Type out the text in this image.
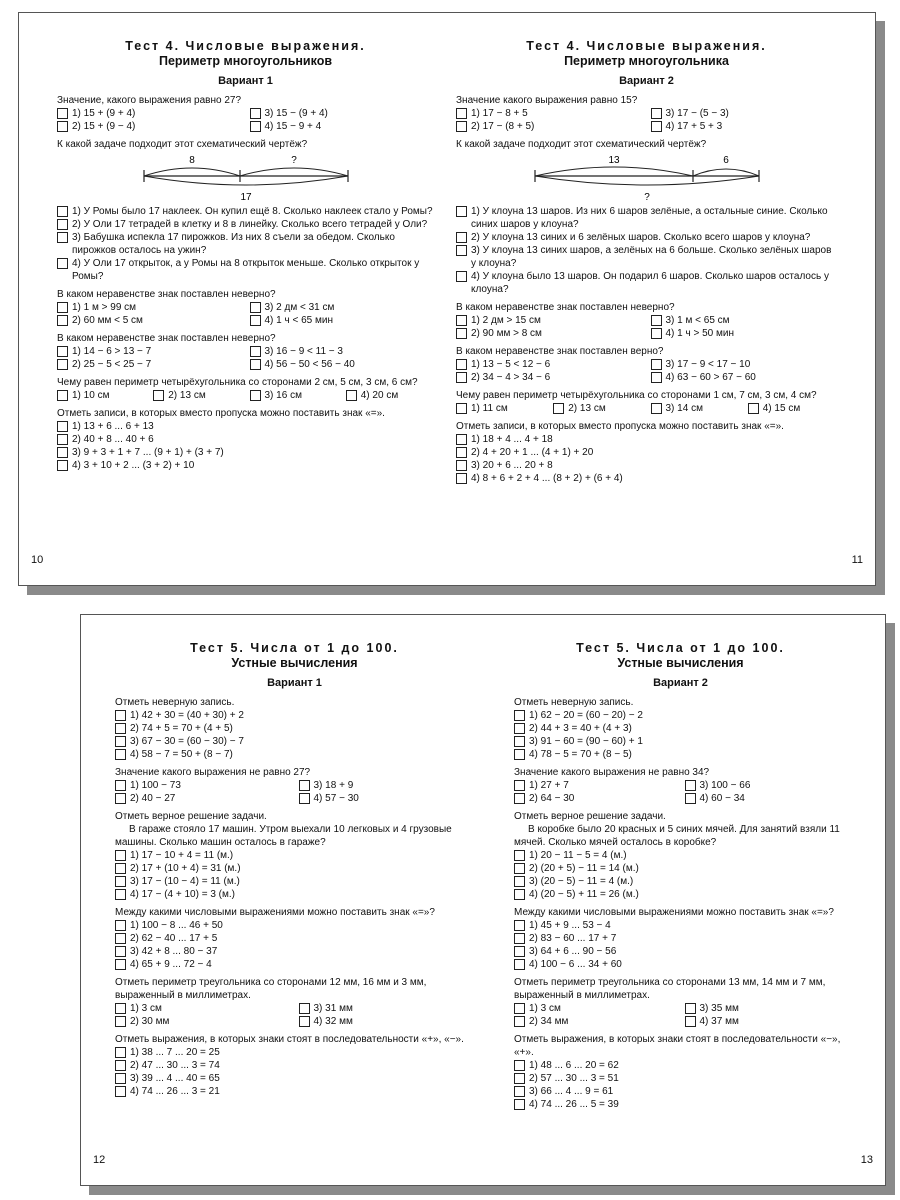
Тест 4. Числовые выражения.
Периметр многоугольников
Вариант 1
Значение, какого выражения равно 27?
1) 15 + (9 + 4)	3) 15 − (9 + 4)
2) 15 + (9 − 4)	4) 15 − 9 + 4
К какой задаче подходит этот схематический чертёж?
8	?
17
1) У Ромы было 17 наклеек. Он купил ещё 8. Сколько наклеек стало у Ромы?
2) У Оли 17 тетрадей в клетку и 8 в линейку. Сколько всего тетрадей у Оли?
3) Бабушка испекла 17 пирожков. Из них 8 съели за обедом. Сколько пирожков осталось на ужин?
4) У Оли 17 открыток, а у Ромы на 8 открыток меньше. Сколько открыток у Ромы?
В каком неравенстве знак поставлен неверно?
1) 1 м > 99 см	3) 2 дм < 31 см
2) 60 мм < 5 см	4) 1 ч < 65 мин
В каком неравенстве знак поставлен неверно?
1) 14 − 6 > 13 − 7	3) 16 − 9 < 11 − 3
2) 25 − 5 < 25 − 7	4) 56 − 50 < 56 − 40
Чему равен периметр четырёхугольника со сторонами 2 см, 5 см, 3 см, 6 см?
1) 10 см	2) 13 см	3) 16 см	4) 20 см
Отметь записи, в которых вместо пропуска можно поставить знак «=».
1) 13 + 6 ... 6 + 13
2) 40 + 8 ... 40 + 6
3) 9 + 3 + 1 + 7 ... (9 + 1) + (3 + 7)
4) 3 + 10 + 2 ... (3 + 2) + 10
10
Тест 4. Числовые выражения.
Периметр многоугольника
Вариант 2
Значение какого выражения равно 15?
1) 17 − 8 + 5	3) 17 − (5 − 3)
2) 17 − (8 + 5)	4) 17 + 5 + 3
К какой задаче подходит этот схематический чертёж?
13	6
?
1) У клоуна 13 шаров. Из них 6 шаров зелёные, а остальные синие. Сколько синих шаров у клоуна?
2) У клоуна 13 синих и 6 зелёных шаров. Сколько всего шаров у клоуна?
3) У клоуна 13 синих шаров, а зелёных на 6 больше. Сколько зелёных шаров у клоуна?
4) У клоуна было 13 шаров. Он подарил 6 шаров. Сколько шаров осталось у клоуна?
В каком неравенстве знак поставлен неверно?
1) 2 дм > 15 см	3) 1 м < 65 см
2) 90 мм > 8 см	4) 1 ч > 50 мин
В каком неравенстве знак поставлен верно?
1) 13 − 5 < 12 − 6	3) 17 − 9 < 17 − 10
2) 34 − 4 > 34 − 6	4) 63 − 60 > 67 − 60
Чему равен периметр четырёхугольника со сторонами 1 см, 7 см, 3 см, 4 см?
1) 11 см	2) 13 см	3) 14 см	4) 15 см
Отметь записи, в которых вместо пропуска можно поставить знак «=».
1) 18 + 4 ... 4 + 18
2) 4 + 20 + 1 ... (4 + 1) + 20
3) 20 + 6 ... 20 + 8
4) 8 + 6 + 2 + 4 ... (8 + 2) + (6 + 4)
11
Тест 5. Числа от 1 до 100.
Устные вычисления
Вариант 1
Отметь неверную запись.
1) 42 + 30 = (40 + 30) + 2
2) 74 + 5 = 70 + (4 + 5)
3) 67 − 30 = (60 − 30) − 7
4) 58 − 7 = 50 + (8 − 7)
Значение какого выражения не равно 27?
1) 100 − 73	3) 18 + 9
2) 40 − 27	4) 57 − 30
Отметь верное решение задачи.
В гараже стояло 17 машин. Утром выехали 10 легковых и 4 грузовые машины. Сколько машин осталось в гараже?
1) 17 − 10 + 4 = 11 (м.)
2) 17 + (10 + 4) = 31 (м.)
3) 17 − (10 − 4) = 11 (м.)
4) 17 − (4 + 10) = 3 (м.)
Между какими числовыми выражениями можно поставить знак «=»?
1) 100 − 8 ... 46 + 50
2) 62 − 40 ... 17 + 5
3) 42 + 8 ... 80 − 37
4) 65 + 9 ... 72 − 4
Отметь периметр треугольника со сторонами 12 мм, 16 мм и 3 мм, выраженный в миллиметрах.
1) 3 см	3) 31 мм
2) 30 мм	4) 32 мм
Отметь выражения, в которых знаки стоят в последовательности «+», «−».
1) 38 ... 7 ... 20 = 25
2) 47 ... 30 ... 3 = 74
3) 39 ... 4 ... 40 = 65
4) 74 ... 26 ... 3 = 21
12
Тест 5. Числа от 1 до 100.
Устные вычисления
Вариант 2
Отметь неверную запись.
1) 62 − 20 = (60 − 20) − 2
2) 44 + 3 = 40 + (4 + 3)
3) 91 − 60 = (90 − 60) + 1
4) 78 − 5 = 70 + (8 − 5)
Значение какого выражения не равно 34?
1) 27 + 7	3) 100 − 66
2) 64 − 30	4) 60 − 34
Отметь верное решение задачи.
В коробке было 20 красных и 5 синих мячей. Для занятий взяли 11 мячей. Сколько мячей осталось в коробке?
1) 20 − 11 − 5 = 4 (м.)
2) (20 + 5) − 11 = 14 (м.)
3) (20 − 5) − 11 = 4 (м.)
4) (20 − 5) + 11 = 26 (м.)
Между какими числовыми выражениями можно поставить знак «=»?
1) 45 + 9 ... 53 − 4
2) 83 − 60 ... 17 + 7
3) 64 + 6 ... 90 − 56
4) 100 − 6 ... 34 + 60
Отметь периметр треугольника со сторонами 13 мм, 14 мм и 7 мм, выраженный в миллиметрах.
1) 3 см	3) 35 мм
2) 34 мм	4) 37 мм
Отметь выражения, в которых знаки стоят в последовательности «−», «+».
1) 48 ... 6 ... 20 = 62
2) 57 ... 30 ... 3 = 51
3) 66 ... 4 ... 9 = 61
4) 74 ... 26 ... 5 = 39
13
